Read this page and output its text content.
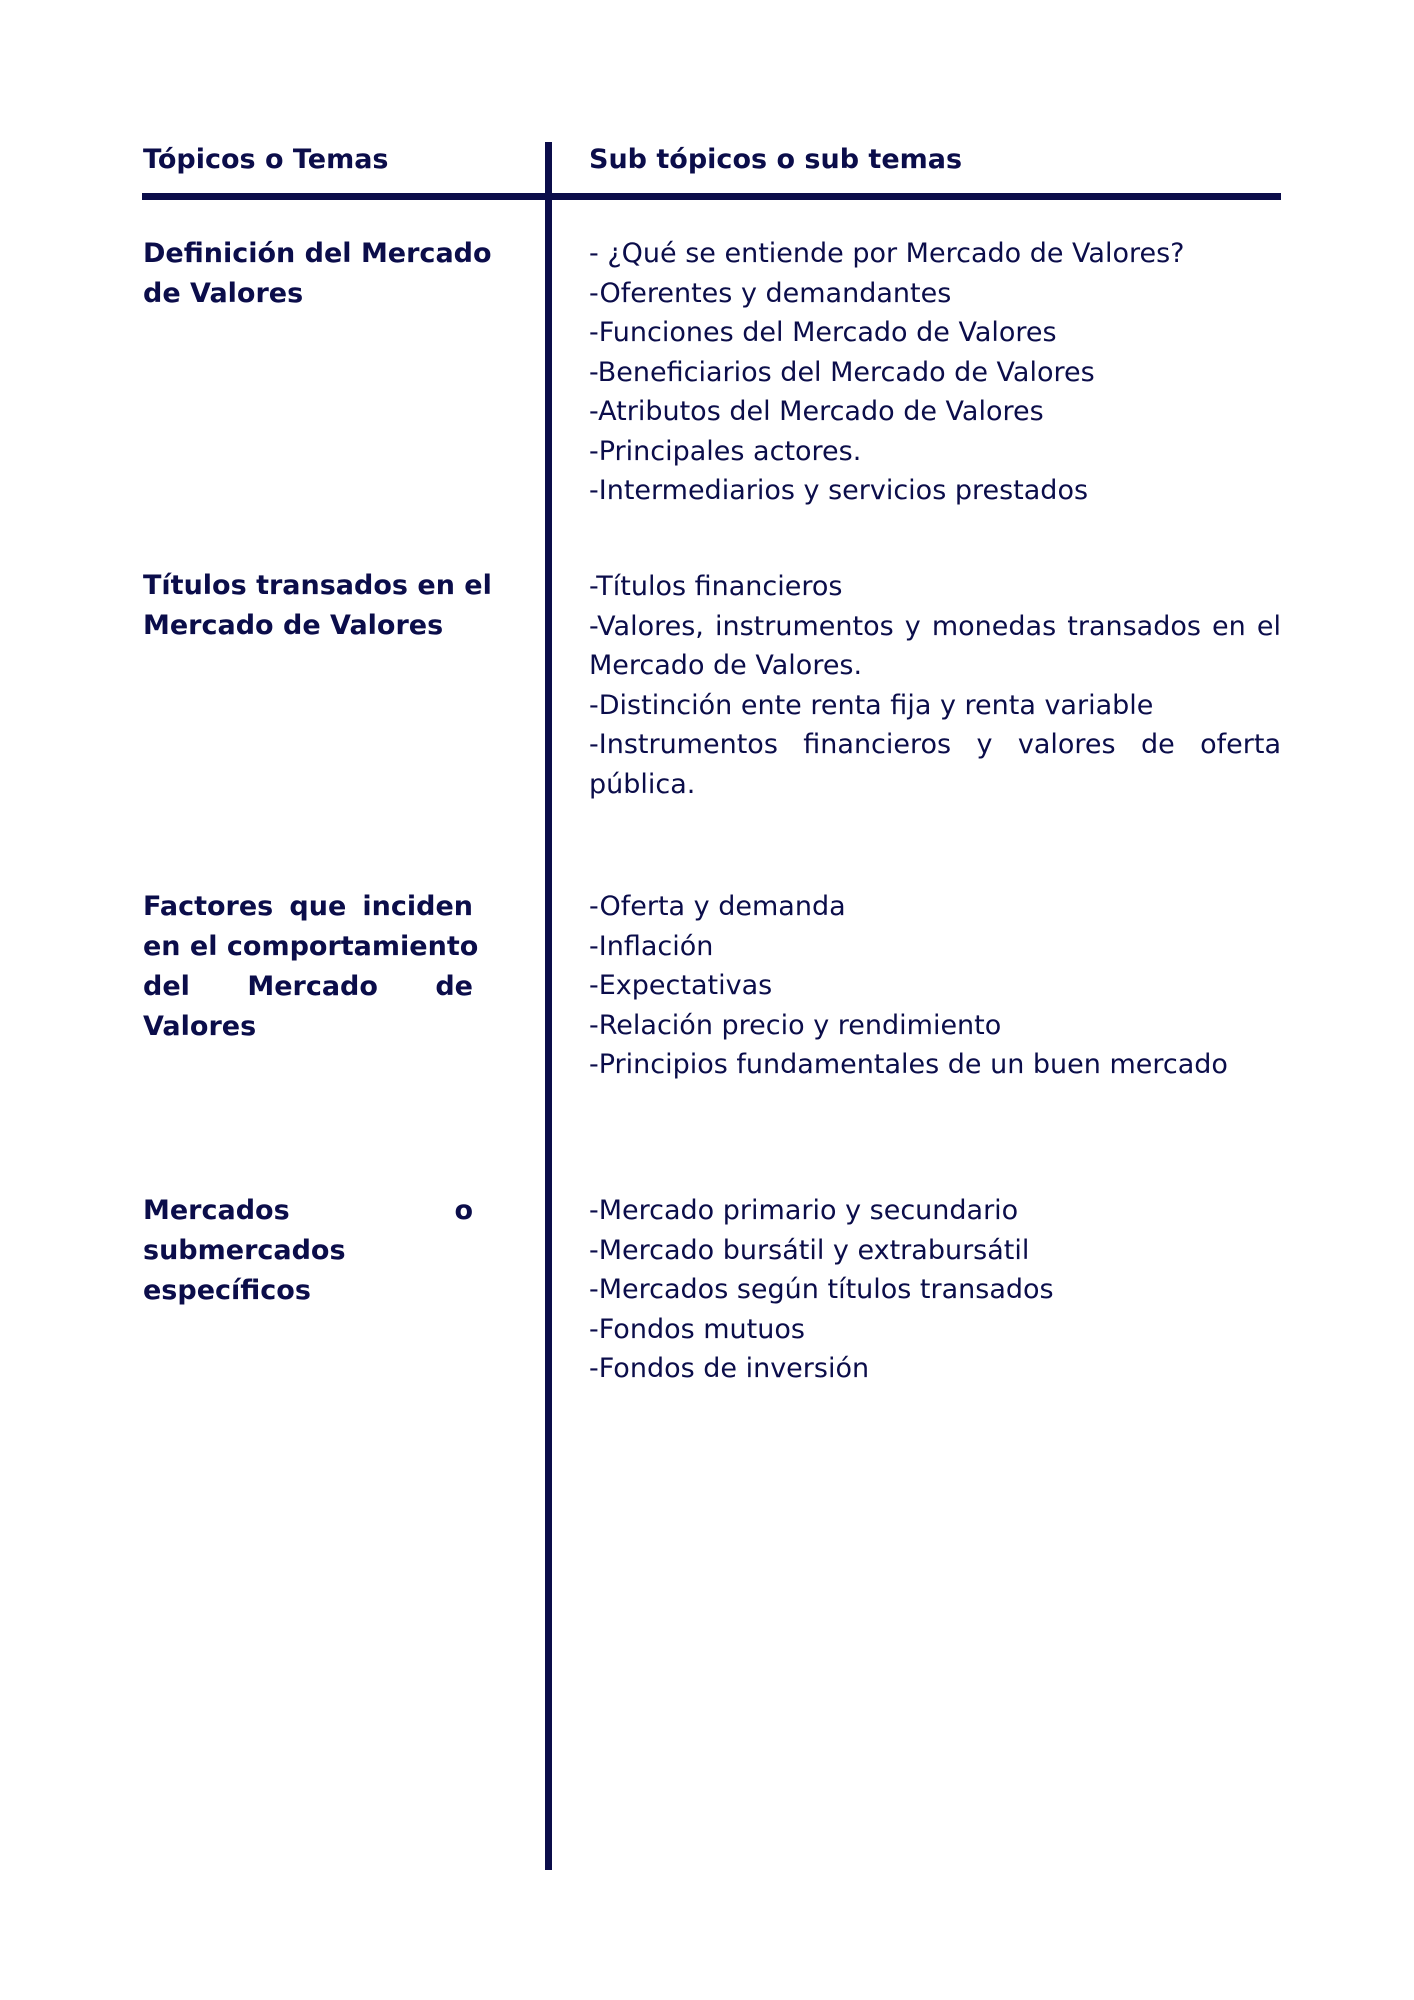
Tópicos o Temas	Sub tópicos o sub temas
Definición del Mercado
de Valores
- ¿Qué se entiende por Mercado de Valores?
-Oferentes y demandantes
-Funciones del Mercado de Valores
-Beneficiarios del Mercado de Valores
-Atributos del Mercado de Valores
-Principales actores.
-Intermediarios y servicios prestados
Títulos transados en el
Mercado de Valores
-Títulos financieros
-Valores, instrumentos y monedas transados en el Mercado de Valores.
-Distinción ente renta fija y renta variable
-Instrumentos financieros y valores de oferta pública.
Factores que inciden
en el comportamiento
del Mercado de
Valores
-Oferta y demanda
-Inflación
-Expectativas
-Relación precio y rendimiento
-Principios fundamentales de un buen mercado
Mercados o
submercados
específicos
-Mercado primario y secundario
-Mercado bursátil y extrabursátil
-Mercados según títulos transados
-Fondos mutuos
-Fondos de inversión
